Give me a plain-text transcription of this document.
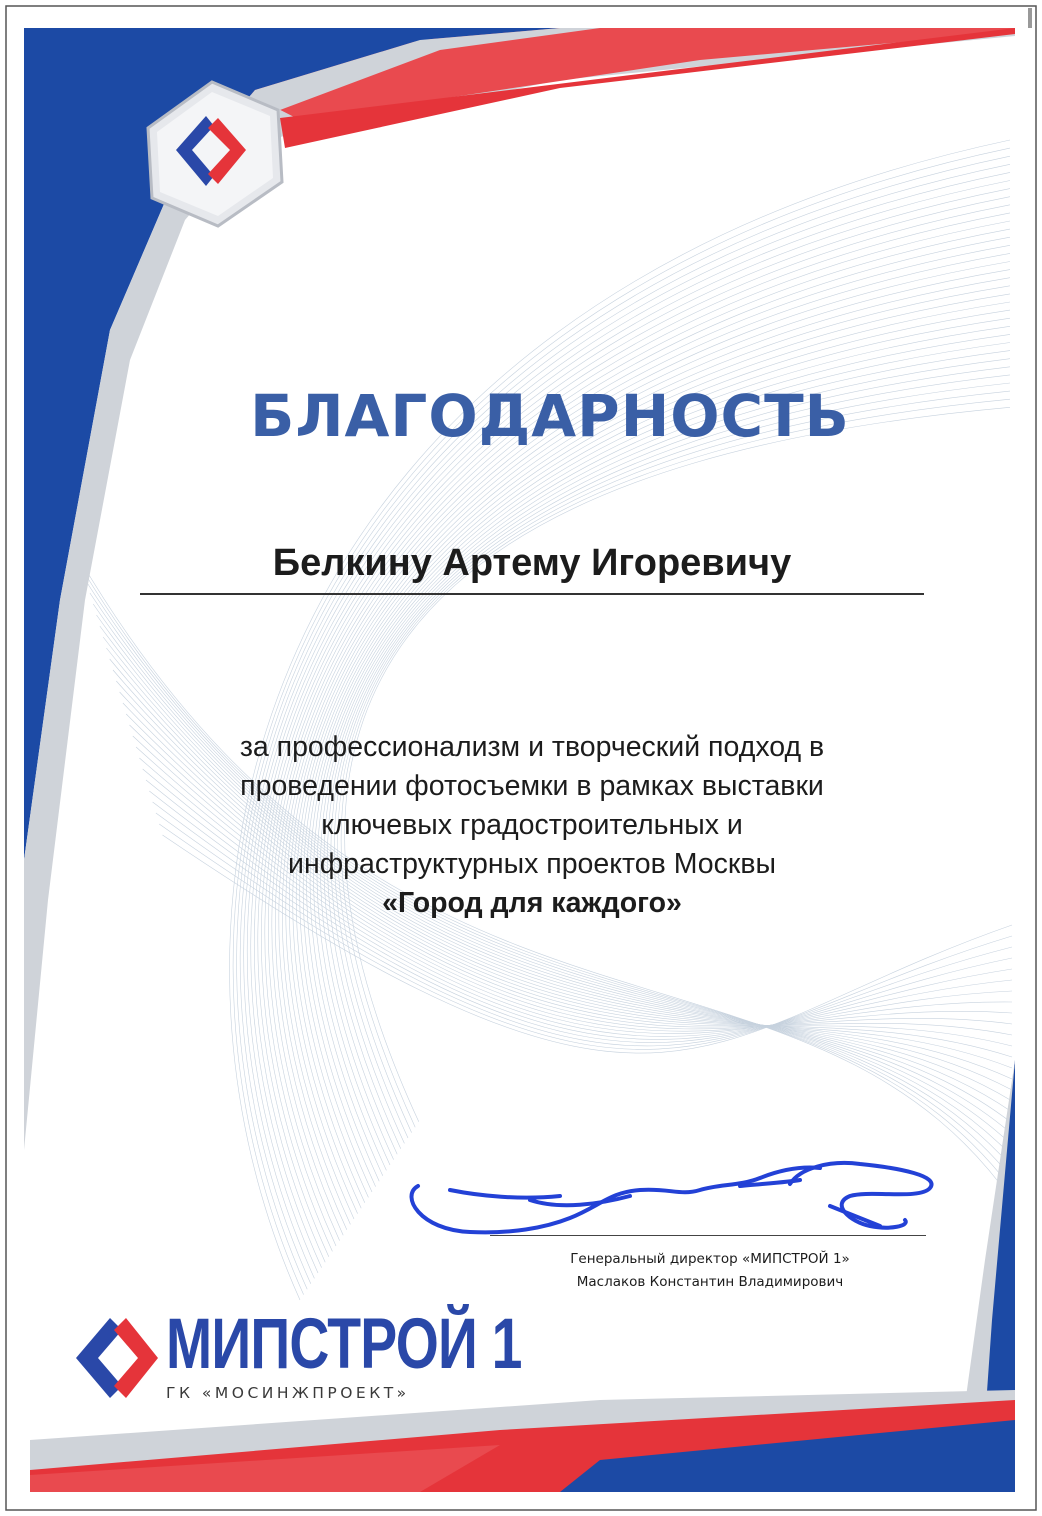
БЛАГОДАРНОСТЬ
Белкину Артему Игоревичу
за профессионализм и творческий подход в
проведении фотосъемки в рамках выставки
ключевых градостроительных и
инфраструктурных проектов Москвы
«Город для каждого»
Генеральный директор «МИПСТРОЙ 1»
Маслаков Константин Владимирович
МИПСТРОЙ 1
ГК «МОСИНЖПРОЕКТ»
